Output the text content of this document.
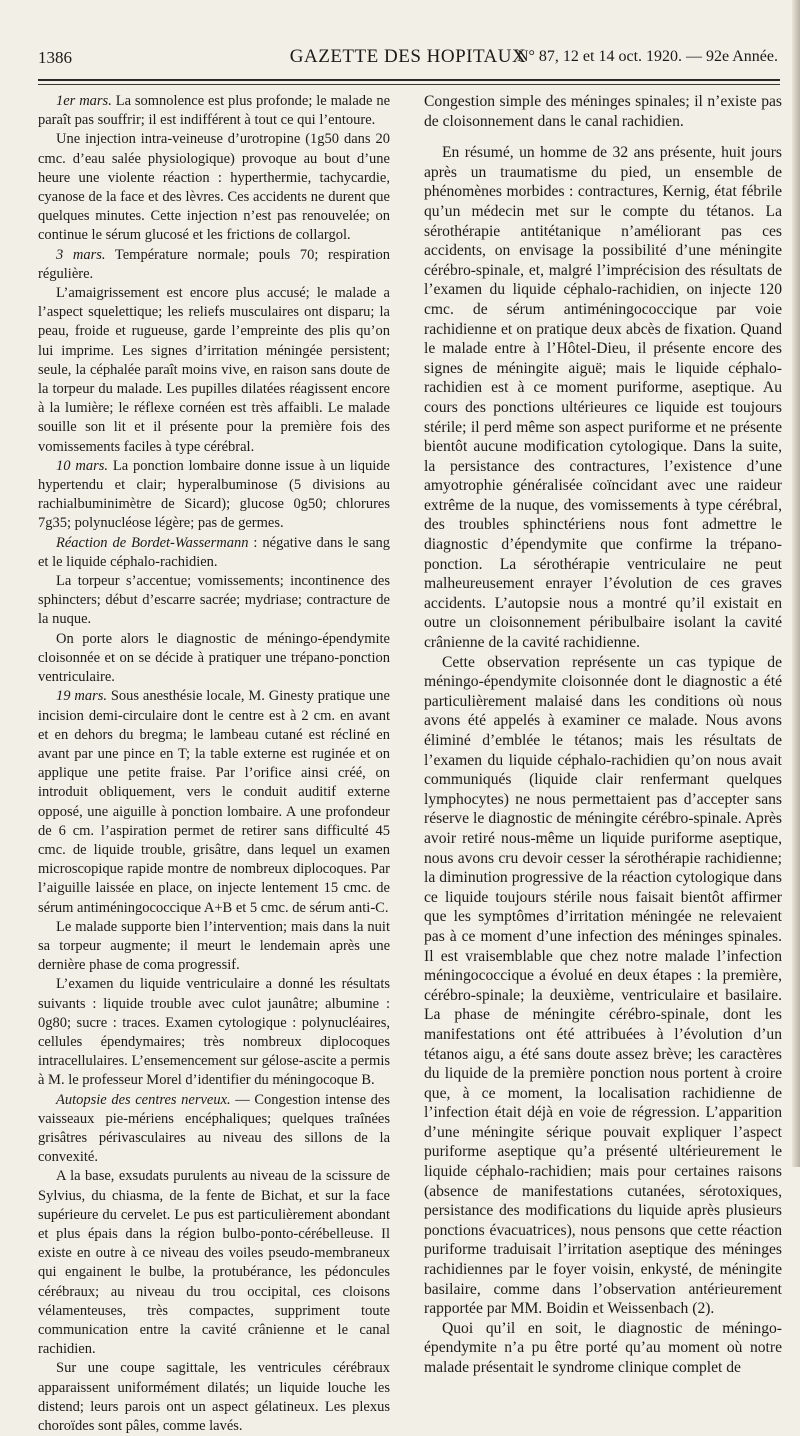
1386	GAZETTE DES HOPITAUX
N° 87, 12 et 14 oct. 1920. — 92e Année.

1er mars. La somnolence est plus profonde; le malade ne paraît pas souffrir; il est indifférent à tout ce qui l’entoure.

Une injection intra-veineuse d’urotropine (1g50 dans 20 cmc. d’eau salée physiologique) provoque au bout d’une heure une violente réaction : hyperthermie, tachycardie, cyanose de la face et des lèvres. Ces accidents ne durent que quelques minutes. Cette injection n’est pas renouvelée; on continue le sérum glucosé et les frictions de collargol.

3 mars. Température normale; pouls 70; respiration régulière.

L’amaigrissement est encore plus accusé; le malade a l’aspect squelettique; les reliefs musculaires ont disparu; la peau, froide et rugueuse, garde l’empreinte des plis qu’on lui imprime. Les signes d’irritation méningée persistent; seule, la céphalée paraît moins vive, en raison sans doute de la torpeur du malade. Les pupilles dilatées réagissent encore à la lumière; le réflexe cornéen est très affaibli. Le malade souille son lit et il présente pour la première fois des vomissements faciles à type cérébral.

10 mars. La ponction lombaire donne issue à un liquide hypertendu et clair; hyperalbuminose (5 divisions au rachialbuminimètre de Sicard); glucose 0g50; chlorures 7g35; polynucléose légère; pas de germes.

Réaction de Bordet-Wassermann : négative dans le sang et le liquide céphalo-rachidien.

La torpeur s’accentue; vomissements; incontinence des sphincters; début d’escarre sacrée; mydriase; contracture de la nuque.

On porte alors le diagnostic de méningo-épendymite cloisonnée et on se décide à pratiquer une trépano-ponction ventriculaire.

19 mars. Sous anesthésie locale, M. Ginesty pratique une incision demi-circulaire dont le centre est à 2 cm. en avant et en dehors du bregma; le lambeau cutané est récliné en avant par une pince en T; la table externe est ruginée et on applique une petite fraise. Par l’orifice ainsi créé, on introduit obliquement, vers le conduit auditif externe opposé, une aiguille à ponction lombaire. A une profondeur de 6 cm. l’aspiration permet de retirer sans difficulté 45 cmc. de liquide trouble, grisâtre, dans lequel un examen microscopique rapide montre de nombreux diplocoques. Par l’aiguille laissée en place, on injecte lentement 15 cmc. de sérum antiméningococcique A+B et 5 cmc. de sérum anti-C.

Le malade supporte bien l’intervention; mais dans la nuit sa torpeur augmente; il meurt le lendemain après une dernière phase de coma progressif.

L’examen du liquide ventriculaire a donné les résultats suivants : liquide trouble avec culot jaunâtre; albumine : 0g80; sucre : traces. Examen cytologique : polynucléaires, cellules épendymaires; très nombreux diplocoques intracellulaires. L’ensemencement sur gélose-ascite a permis à M. le professeur Morel d’identifier du méningocoque B.

Autopsie des centres nerveux. — Congestion intense des vaisseaux pie-mériens encéphaliques; quelques traînées grisâtres périvasculaires au niveau des sillons de la convexité.

A la base, exsudats purulents au niveau de la scissure de Sylvius, du chiasma, de la fente de Bichat, et sur la face supérieure du cervelet. Le pus est particulièrement abondant et plus épais dans la région bulbo-ponto-cérébelleuse. Il existe en outre à ce niveau des voiles pseudo-membraneux qui engainent le bulbe, la protubérance, les pédoncules cérébraux; au niveau du trou occipital, ces cloisons vélamenteuses, très compactes, suppriment toute communication entre la cavité crânienne et le canal rachidien.

Sur une coupe sagittale, les ventricules cérébraux apparaissent uniformément dilatés; un liquide louche les distend; leurs parois ont un aspect gélatineux. Les plexus choroïdes sont pâles, comme lavés.

Congestion simple des méninges spinales; il n’existe pas de cloisonnement dans le canal rachidien.

En résumé, un homme de 32 ans présente, huit jours après un traumatisme du pied, un ensemble de phénomènes morbides : contractures, Kernig, état fébrile qu’un médecin met sur le compte du tétanos. La sérothérapie antitétanique n’améliorant pas ces accidents, on envisage la possibilité d’une méningite cérébro-spinale, et, malgré l’imprécision des résultats de l’examen du liquide céphalo-rachidien, on injecte 120 cmc. de sérum antiméningococcique par voie rachidienne et on pratique deux abcès de fixation. Quand le malade entre à l’Hôtel-Dieu, il présente encore des signes de méningite aiguë; mais le liquide céphalo-rachidien est à ce moment puriforme, aseptique. Au cours des ponctions ultérieures ce liquide est toujours stérile; il perd même son aspect puriforme et ne présente bientôt aucune modification cytologique. Dans la suite, la persistance des contractures, l’existence d’une amyotrophie généralisée coïncidant avec une raideur extrême de la nuque, des vomissements à type cérébral, des troubles sphinctériens nous font admettre le diagnostic d’épendymite que confirme la trépano-ponction. La sérothérapie ventriculaire ne peut malheureusement enrayer l’évolution de ces graves accidents. L’autopsie nous a montré qu’il existait en outre un cloisonnement péribulbaire isolant la cavité crânienne de la cavité rachidienne.

Cette observation représente un cas typique de méningo-épendymite cloisonnée dont le diagnostic a été particulièrement malaisé dans les conditions où nous avons été appelés à examiner ce malade. Nous avons éliminé d’emblée le tétanos; mais les résultats de l’examen du liquide céphalo-rachidien qu’on nous avait communiqués (liquide clair renfermant quelques lymphocytes) ne nous permettaient pas d’accepter sans réserve le diagnostic de méningite cérébro-spinale. Après avoir retiré nous-même un liquide puriforme aseptique, nous avons cru devoir cesser la sérothérapie rachidienne; la diminution progressive de la réaction cytologique dans ce liquide toujours stérile nous faisait bientôt affirmer que les symptômes d’irritation méningée ne relevaient pas à ce moment d’une infection des méninges spinales. Il est vraisemblable que chez notre malade l’infection méningococcique a évolué en deux étapes : la première, cérébro-spinale; la deuxième, ventriculaire et basilaire. La phase de méningite cérébro-spinale, dont les manifestations ont été attribuées à l’évolution d’un tétanos aigu, a été sans doute assez brève; les caractères du liquide de la première ponction nous portent à croire que, à ce moment, la localisation rachidienne de l’infection était déjà en voie de régression. L’apparition d’une méningite sérique pouvait expliquer l’aspect puriforme aseptique qu’a présenté ultérieurement le liquide céphalo-rachidien; mais pour certaines raisons (absence de manifestations cutanées, sérotoxiques, persistance des modifications du liquide après plusieurs ponctions évacuatrices), nous pensons que cette réaction puriforme traduisait l’irritation aseptique des méninges rachidiennes par le foyer voisin, enkysté, de méningite basilaire, comme dans l’observation antérieurement rapportée par MM. Boidin et Weissenbach (2).

Quoi qu’il en soit, le diagnostic de méningo-épendymite n’a pu être porté qu’au moment où notre malade présentait le syndrome clinique complet de
